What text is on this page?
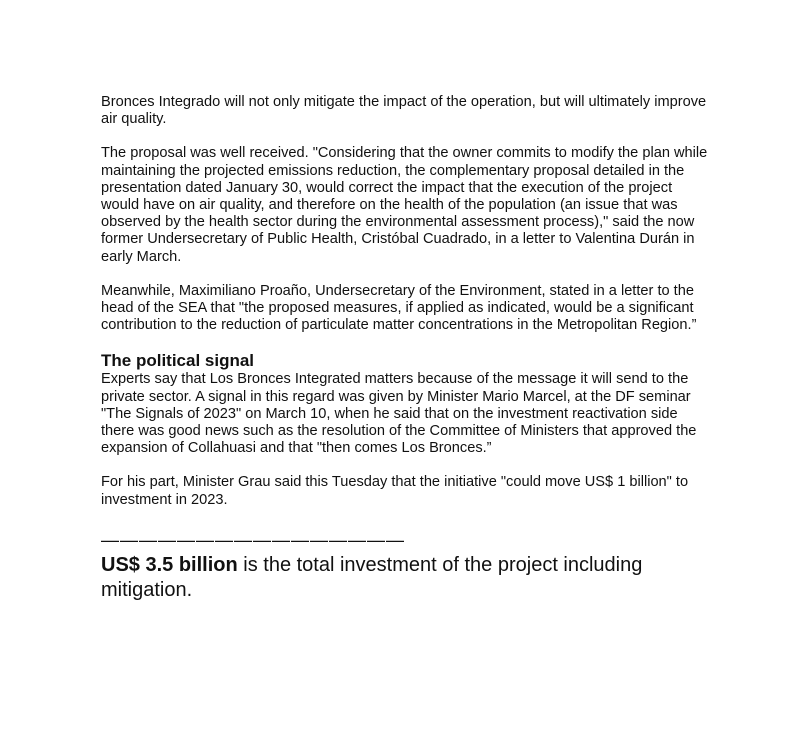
Bronces Integrado will not only mitigate the impact of the operation, but will ultimately improve air quality.

The proposal was well received. "Considering that the owner commits to modify the plan while maintaining the projected emissions reduction, the complementary proposal detailed in the presentation dated January 30, would correct the impact that the execution of the project would have on air quality, and therefore on the health of the population (an issue that was observed by the health sector during the environmental assessment process)," said the now former Undersecretary of Public Health, Cristóbal Cuadrado, in a letter to Valentina Durán in early March.

Meanwhile, Maximiliano Proaño, Undersecretary of the Environment, stated in a letter to the head of the SEA that "the proposed measures, if applied as indicated, would be a significant contribution to the reduction of particulate matter concentrations in the Metropolitan Region.”

The political signal

Experts say that Los Bronces Integrated matters because of the message it will send to the private sector. A signal in this regard was given by Minister Mario Marcel, at the DF seminar "The Signals of 2023" on March 10, when he said that on the investment reactivation side there was good news such as the resolution of the Committee of Ministers that approved the expansion of Collahuasi and that "then comes Los Bronces.”

For his part, Minister Grau said this Tuesday that the initiative "could move US$ 1 billion" to investment in 2023.

————————————————

US$ 3.5 billion is the total investment of the project including mitigation.
